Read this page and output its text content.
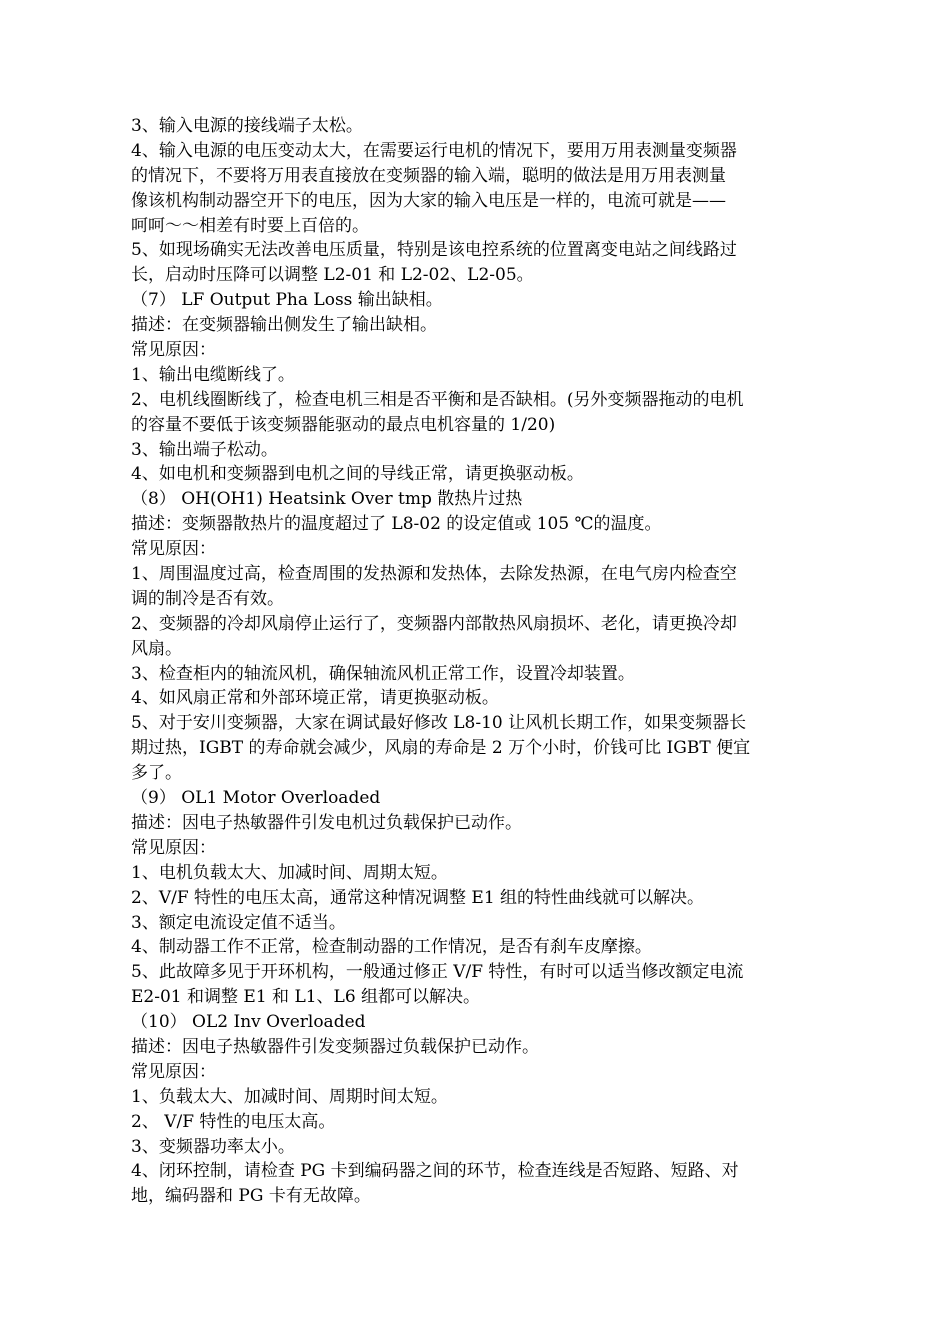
3、输入电源的接线端子太松。
4、输入电源的电压变动太大，在需要运行电机的情况下，要用万用表测量变频器
的情况下，不要将万用表直接放在变频器的输入端，聪明的做法是用万用表测量
像该机构制动器空开下的电压，因为大家的输入电压是一样的，电流可就是——
呵呵～～相差有时要上百倍的。
5、如现场确实无法改善电压质量，特别是该电控系统的位置离变电站之间线路过
长，启动时压降可以调整 L2-01 和 L2-02、L2-05。
（7） LF Output Pha Loss 输出缺相。
描述：在变频器输出侧发生了输出缺相。
常见原因：
1、输出电缆断线了。
2、电机线圈断线了，检查电机三相是否平衡和是否缺相。(另外变频器拖动的电机
的容量不要低于该变频器能驱动的最点电机容量的 1/20)
3、输出端子松动。
4、如电机和变频器到电机之间的导线正常，请更换驱动板。
（8） OH(OH1) Heatsink Over tmp 散热片过热
描述：变频器散热片的温度超过了 L8-02 的设定值或 105 ℃的温度。
常见原因：
1、周围温度过高，检查周围的发热源和发热体，去除发热源，在电气房内检查空
调的制冷是否有效。
2、变频器的冷却风扇停止运行了，变频器内部散热风扇损坏、老化，请更换冷却
风扇。
3、检查柜内的轴流风机，确保轴流风机正常工作，设置冷却装置。
4、如风扇正常和外部环境正常，请更换驱动板。
5、对于安川变频器，大家在调试最好修改 L8-10 让风机长期工作，如果变频器长
期过热，IGBT 的寿命就会减少，风扇的寿命是 2 万个小时，价钱可比 IGBT 便宜
多了。
（9） OL1 Motor Overloaded
描述：因电子热敏器件引发电机过负载保护已动作。
常见原因：
1、电机负载太大、加减时间、周期太短。
2、V/F 特性的电压太高，通常这种情况调整 E1 组的特性曲线就可以解决。
3、额定电流设定值不适当。
4、制动器工作不正常，检查制动器的工作情况，是否有刹车皮摩擦。
5、此故障多见于开环机构，一般通过修正 V/F 特性，有时可以适当修改额定电流
E2-01 和调整 E1 和 L1、L6 组都可以解决。
（10） OL2 Inv Overloaded
描述：因电子热敏器件引发变频器过负载保护已动作。
常见原因：
1、负载太大、加减时间、周期时间太短。
2、 V/F 特性的电压太高。
3、变频器功率太小。
4、闭环控制，请检查 PG 卡到编码器之间的环节，检查连线是否短路、短路、对
地，编码器和 PG 卡有无故障。
